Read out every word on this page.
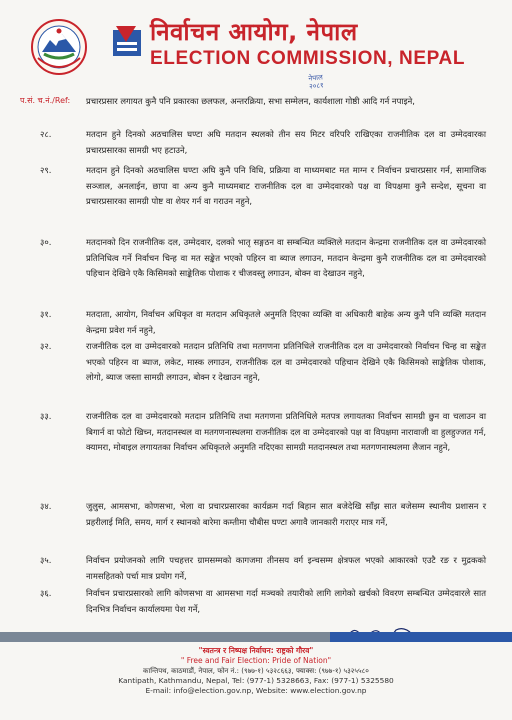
निर्वाचन आयोग, नेपाल
ELECTION COMMISSION, NEPAL
नेपाल
२०८१
प.सं. च.नं./Ref: प्रचारप्रसार लगायत कुनै पनि प्रकारका छलफल, अन्तरक्रिया, सभा सम्मेलन, कार्यशाला गोष्ठी आदि गर्न नपाइने,
२८.	मतदान हुने दिनको अठचालिस घण्टा अघि मतदान स्थलको तीन सय मिटर वरिपरि राखिएका राजनीतिक दल वा उम्मेदवारका प्रचारप्रसारका सामग्री भए हटाउने,
२९.	मतदान हुने दिनको अठचालिस घण्टा अघि कुनै पनि विधि, प्रक्रिया वा माध्यमबाट मत माग्न र निर्वाचन प्रचारप्रसार गर्न, सामाजिक सञ्जाल, अनलाईन, छापा वा अन्य कुनै माध्यमबाट राजनीतिक दल वा उम्मेदवारको पक्ष वा विपक्षमा कुनै सन्देश, सूचना वा प्रचारप्रसारका सामग्री पोष्ट वा शेयर गर्न वा गराउन नहुने,
३०.	मतदानको दिन राजनीतिक दल, उम्मेदवार, दलको भातृ सङ्गठन वा सम्बन्धित व्यक्तिले मतदान केन्द्रमा राजनीतिक दल वा उम्मेदवारको प्रतिनिधित्व गर्ने निर्वाचन चिन्ह वा मत सङ्केत भएको पहिरन वा ब्याज लगाउन, मतदान केन्द्रमा कुनै राजनीतिक दल वा उम्मेदवारको पहिचान देखिने एकै किसिमको साङ्केतिक पोशाक र चीजवस्तु लगाउन, बोक्न वा देखाउन नहुने,
३१.	मतदाता, आयोग, निर्वाचन अधिकृत वा मतदान अधिकृतले अनुमति दिएका व्यक्ति वा अधिकारी बाहेक अन्य कुनै पनि व्यक्ति मतदान केन्द्रमा प्रवेश गर्न नहुने,
३२.	राजनीतिक दल वा उम्मेदवारको मतदान प्रतिनिधि तथा मतगणना प्रतिनिधिले राजनीतिक दल वा उम्मेदवारको निर्वाचन चिन्ह वा सङ्केत भएको पहिरन वा ब्याज, लकेट, मास्क लगाउन, राजनीतिक दल वा उम्मेदवारको पहिचान देखिने एकै किसिमको साङ्केतिक पोशाक, लोगो, ब्याज जस्ता सामग्री लगाउन, बोक्न र देखाउन नहुने,
३३.	राजनीतिक दल वा उम्मेदवारको मतदान प्रतिनिधि तथा मतगणना प्रतिनिधिले मतपत्र लगायतका निर्वाचन सामग्री छुन वा चलाउन वा बिगार्न वा फोटो खिच्न, मतदानस्थल वा मतगणनास्थलमा राजनीतिक दल वा उम्मेदवारको पक्ष वा विपक्षमा नारावाजी वा हुलहुज्जत गर्न, क्यामरा, मोबाइल लगायतका निर्वाचन अधिकृतले अनुमति नदिएका सामग्री मतदानस्थल तथा मतगणनास्थलमा लैजान नहुने,
३४.	जुलुस, आमसभा, कोणसभा, भेला वा प्रचारप्रसारका कार्यक्रम गर्दा बिहान सात बजेदेखि साँझ सात बजेसम्म स्थानीय प्रशासन र प्रहरीलाई मिति, समय, मार्ग र स्थानको बारेमा कम्तीमा चौबीस घण्टा अगावै जानकारी गराएर मात्र गर्ने,
३५.	निर्वाचन प्रयोजनको लागि पचहत्तर ग्रामसम्मको कागजमा तीनसय वर्ग इन्चसम्म क्षेत्रफल भएको आकारको एउटै रङ र मुद्रकको नामसहितको पर्चा मात्र प्रयोग गर्ने,
३६.	निर्वाचन प्रचारप्रसारको लागि कोणसभा वा आमसभा गर्दा मञ्चको तयारीको लागि लागेको खर्चको विवरण सम्बन्धित उम्मेदवारले सात दिनभित्र निर्वाचन कार्यालयमा पेश गर्ने,
"स्वतन्त्र र निष्पक्ष निर्वाचन: राष्ट्रको गौरव"
" Free and Fair Election: Pride of Nation"
कान्तिपथ, काठमाडौं, नेपाल, फोन नं.: (९७७-१) ५३२८६६३, फ्याक्स: (९७७-१) ५३२५५८०
Kantipath, Kathmandu, Nepal, Tel: (977-1) 5328663, Fax: (977-1) 5325580
E-mail: info@election.gov.np, Website: www.election.gov.np
